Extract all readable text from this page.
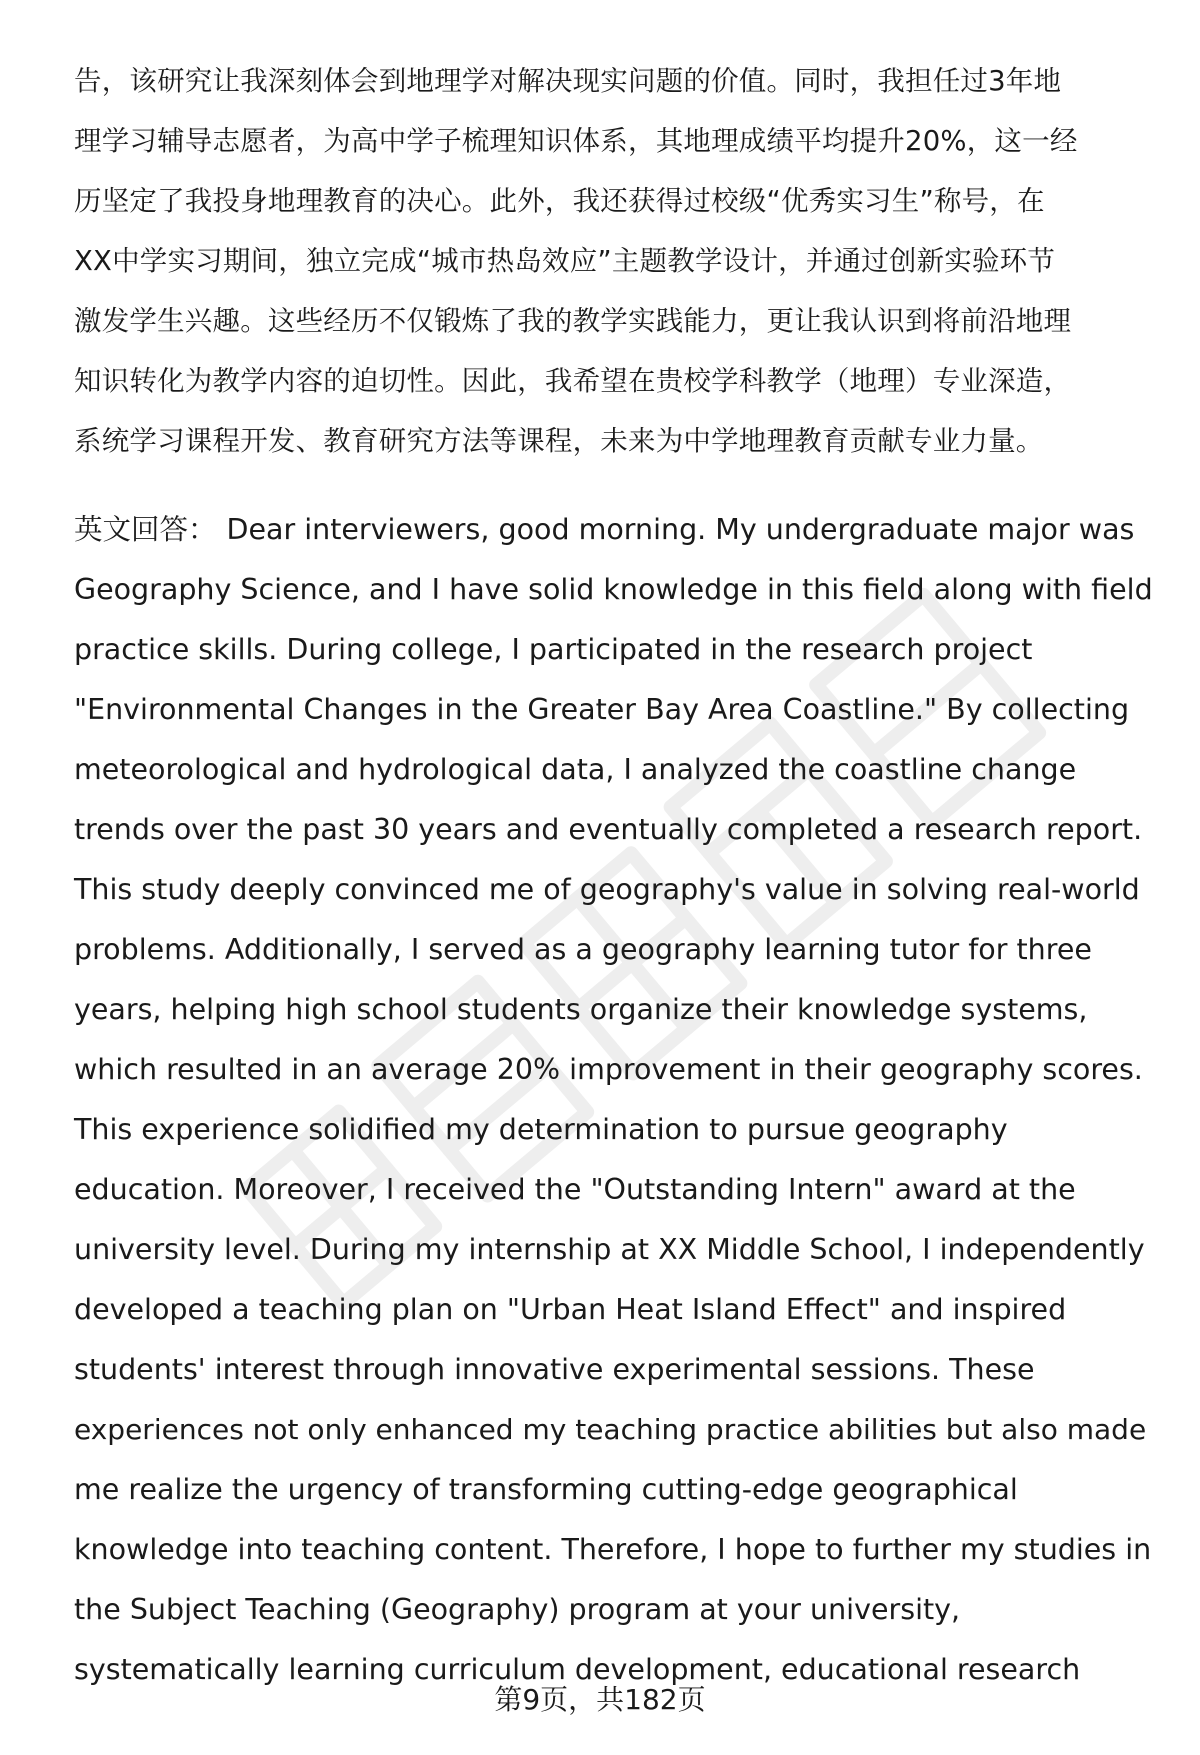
告，该研究让我深刻体会到地理学对解决现实问题的价值。同时，我担任过3年地
理学习辅导志愿者，为高中学子梳理知识体系，其地理成绩平均提升20%，这一经
历坚定了我投身地理教育的决心。此外，我还获得过校级“优秀实习生”称号，在
XX中学实习期间，独立完成“城市热岛效应”主题教学设计，并通过创新实验环节
激发学生兴趣。这些经历不仅锻炼了我的教学实践能力，更让我认识到将前沿地理
知识转化为教学内容的迫切性。因此，我希望在贵校学科教学（地理）专业深造，
系统学习课程开发、教育研究方法等课程，未来为中学地理教育贡献专业力量。
英文回答： Dear interviewers, good morning. My undergraduate major was
Geography Science, and I have solid knowledge in this field along with field
practice skills. During college, I participated in the research project
"Environmental Changes in the Greater Bay Area Coastline." By collecting
meteorological and hydrological data, I analyzed the coastline change
trends over the past 30 years and eventually completed a research report.
This study deeply convinced me of geography's value in solving real-world
problems. Additionally, I served as a geography learning tutor for three
years, helping high school students organize their knowledge systems,
which resulted in an average 20% improvement in their geography scores.
This experience solidified my determination to pursue geography
education. Moreover, I received the "Outstanding Intern" award at the
university level. During my internship at XX Middle School, I independently
developed a teaching plan on "Urban Heat Island Effect" and inspired
students' interest through innovative experimental sessions. These
experiences not only enhanced my teaching practice abilities but also made
me realize the urgency of transforming cutting-edge geographical
knowledge into teaching content. Therefore, I hope to further my studies in
the Subject Teaching (Geography) program at your university,
systematically learning curriculum development, educational research
第9页，共182页
